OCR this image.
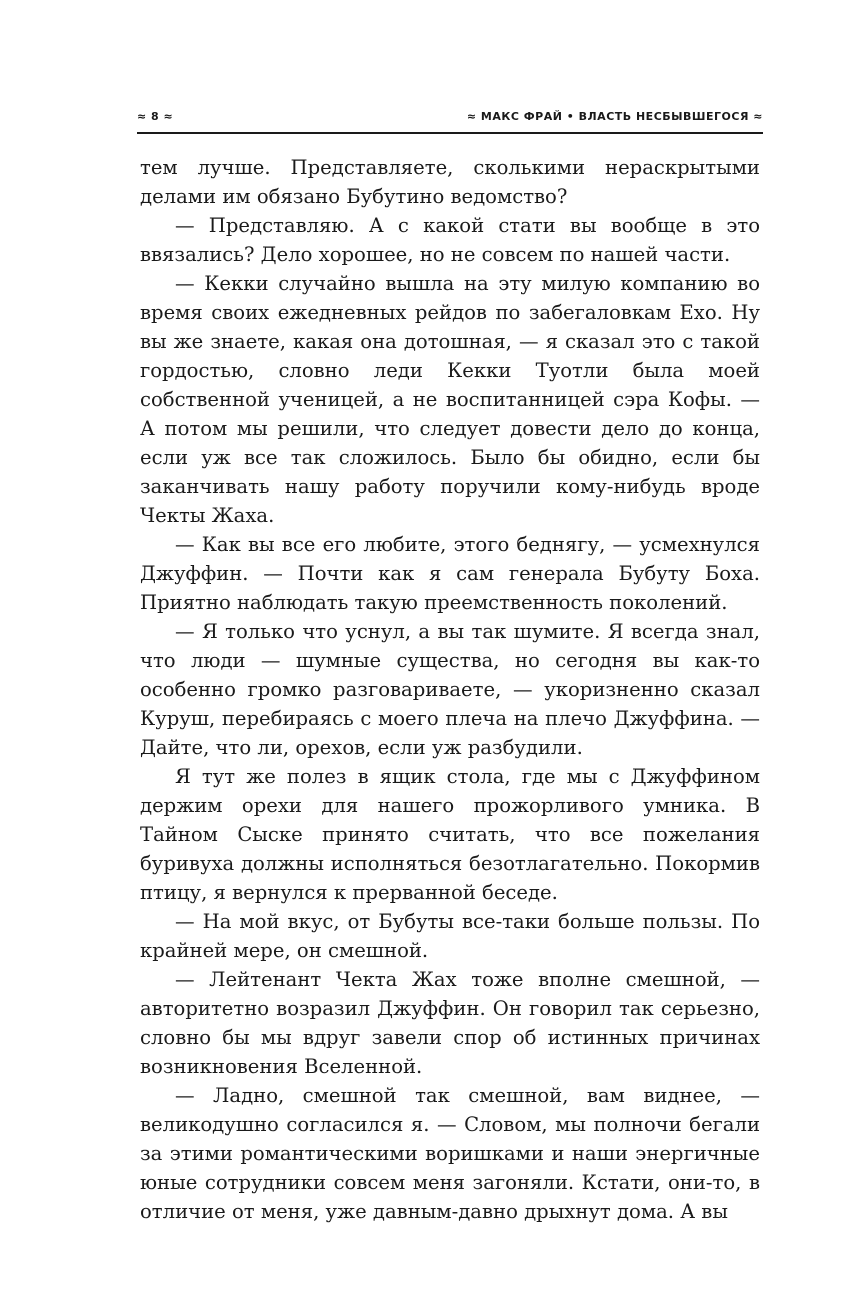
≈ 8 ≈	≈ МАКС ФРАЙ • ВЛАСТЬ НЕСБЫВШЕГОСЯ ≈

тем лучше. Представляете, сколькими нераскрытыми делами им обязано Бубутино ведомство?

— Представляю. А с какой стати вы вообще в это ввязались? Дело хорошее, но не совсем по нашей части.

— Кекки случайно вышла на эту милую компанию во время своих ежедневных рейдов по забегаловкам Ехо. Ну вы же знаете, какая она дотошная, — я сказал это с такой гордостью, словно леди Кекки Туотли была моей собственной ученицей, а не воспитанницей сэра Кофы. — А потом мы решили, что следует довести дело до конца, если уж все так сложилось. Было бы обидно, если бы заканчивать нашу работу поручили кому-нибудь вроде Чекты Жаха.

— Как вы все его любите, этого беднягу, — усмехнулся Джуффин. — Почти как я сам генерала Бубуту Боха. Приятно наблюдать такую преемственность поколений.

— Я только что уснул, а вы так шумите. Я всегда знал, что люди — шумные существа, но сегодня вы как-то особенно громко разговариваете, — укоризненно сказал Куруш, перебираясь с моего плеча на плечо Джуффина. — Дайте, что ли, орехов, если уж разбудили.

Я тут же полез в ящик стола, где мы с Джуффином держим орехи для нашего прожорливого умника. В Тайном Сыске принято считать, что все пожелания буривуха должны исполняться безотлагательно. Покормив птицу, я вернулся к прерванной беседе.

— На мой вкус, от Бубуты все-таки больше пользы. По крайней мере, он смешной.

— Лейтенант Чекта Жах тоже вполне смешной, — авторитетно возразил Джуффин. Он говорил так серьезно, словно бы мы вдруг завели спор об истинных причинах возникновения Вселенной.

— Ладно, смешной так смешной, вам виднее, — великодушно согласился я. — Словом, мы полночи бегали за этими романтическими воришками и наши энергичные юные сотрудники совсем меня загоняли. Кстати, они-то, в отличие от меня, уже давным-давно дрыхнут дома. А вы
